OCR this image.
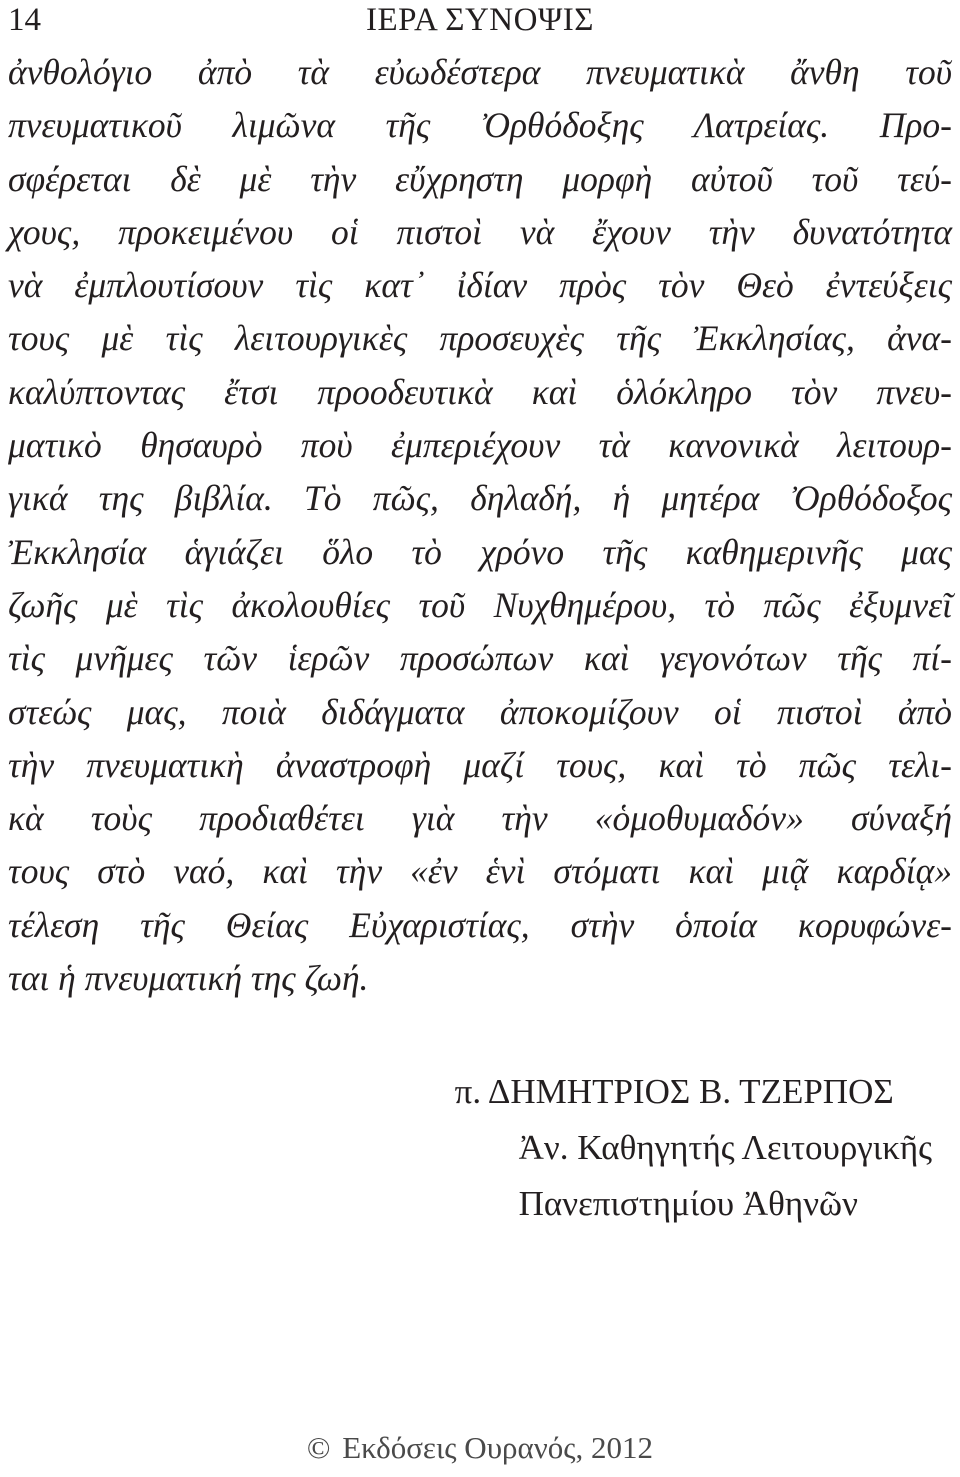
14	ΙΕΡΑ ΣΥΝΟΨΙΣ
ἀνθολόγιο ἀπὸ τὰ εὐωδέστερα πνευματικὰ ἄνθη τοῦ
πνευματικοῦ λιμῶνα τῆς Ὀρθόδοξης Λατρείας. Προ-
σφέρεται δὲ μὲ τὴν εὔχρηστη μορφὴ αὐτοῦ τοῦ τεύ-
χους, προκειμένου οἱ πιστοὶ νὰ ἔχουν τὴν δυνατότητα
νὰ ἐμπλουτίσουν τὶς κατ᾽ ἰδίαν πρὸς τὸν Θεὸ ἐντεύξεις
τους μὲ τὶς λειτουργικὲς προσευχὲς τῆς Ἐκκλησίας, ἀνα-
καλύπτοντας ἔτσι προοδευτικὰ καὶ ὁλόκληρο τὸν πνευ-
ματικὸ θησαυρὸ ποὺ ἐμπεριέχουν τὰ κανονικὰ λειτουρ-
γικά της βιβλία. Τὸ πῶς, δηλαδή, ἡ μητέρα Ὀρθόδοξος
Ἐκκλησία ἁγιάζει ὅλο τὸ χρόνο τῆς καθημερινῆς μας
ζωῆς μὲ τὶς ἀκολουθίες τοῦ Νυχθημέρου, τὸ πῶς ἐξυμνεῖ
τὶς μνῆμες τῶν ἱερῶν προσώπων καὶ γεγονότων τῆς πί-
στεώς μας, ποιὰ διδάγματα ἀποκομίζουν οἱ πιστοὶ ἀπὸ
τὴν πνευματικὴ ἀναστροφὴ μαζί τους, καὶ τὸ πῶς τελι-
κὰ τοὺς προδιαθέτει γιὰ τὴν «ὁμοθυμαδόν» σύναξή
τους στὸ ναό, καὶ τὴν «ἐν ἑνὶ στόματι καὶ μιᾷ καρδίᾳ»
τέλεση τῆς Θείας Εὐχαριστίας, στὴν ὁποία κορυφώνε-
ται ἡ πνευματική της ζωή.
π. ΔΗΜΗΤΡΙΟΣ Β. ΤΖΕΡΠΟΣ
Ἀν. Καθηγητής Λειτουργικῆς
Πανεπιστημίου Ἀθηνῶν
© Εκδόσεις Ουρανός, 2012
